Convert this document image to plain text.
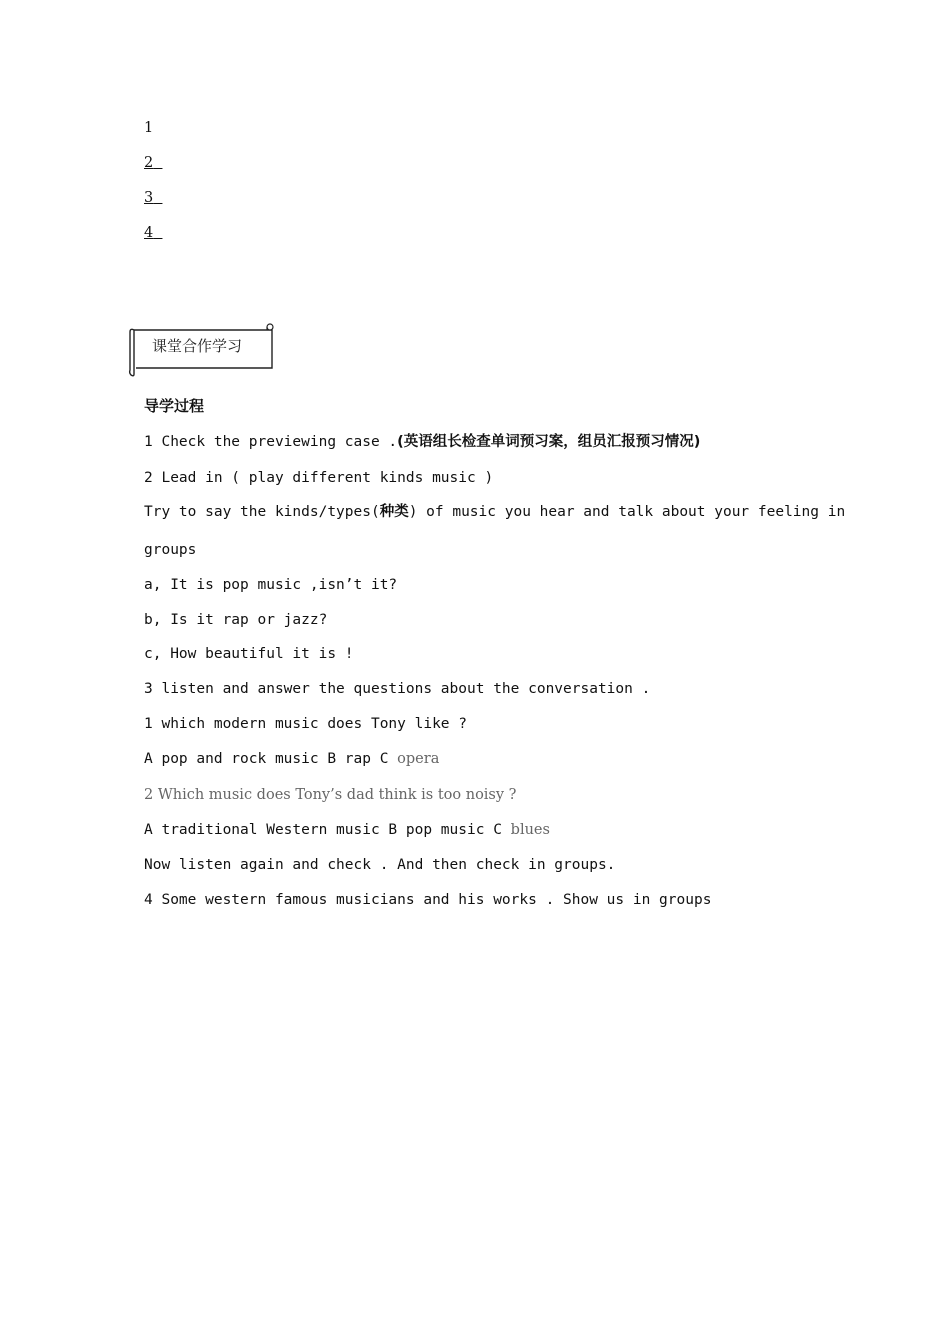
1
2
3
4
课堂合作学习
导学过程
1 Check the previewing case .(英语组长检查单词预习案，组员汇报预习情况)
2 Lead in ( play different kinds music )
Try to say the kinds/types(种类) of music you hear and talk about your feeling in
groups
a, It is pop music ,isn’t it?
b, Is it rap or jazz?
c, How beautiful it is !
3 listen and answer the questions about the conversation .
1 which modern music does Tony like ?
A pop and rock music B rap C opera
2 Which music does Tony’s dad think is too noisy ?
A traditional Western music B pop music C blues
Now listen again and check . And then check in groups.
4 Some western famous musicians and his works . Show us in groups
